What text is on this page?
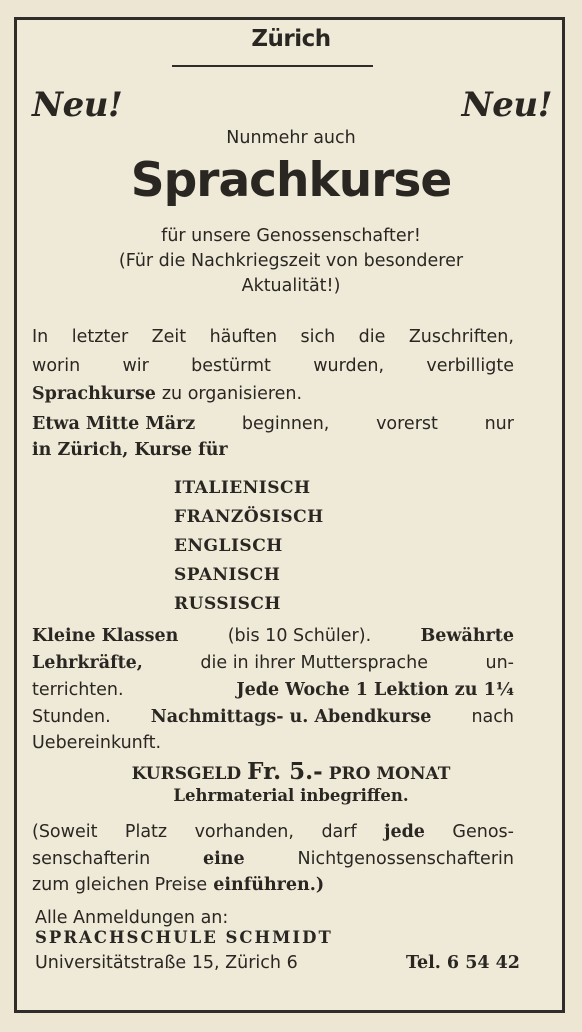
Zürich
Neu!	Neu!
Nunmehr auch
Sprachkurse
für unsere Genossenschafter!
(Für die Nachkriegszeit von besonderer
Aktualität!)
In letzter Zeit häuften sich die Zuschriften,
worin wir bestürmt wurden, verbilligte
Sprachkurse zu organisieren.
Etwa Mitte März	beginnen,	vorerst	nur
in Zürich, Kurse für
ITALIENISCH
FRANZÖSISCH
ENGLISCH
SPANISCH
RUSSISCH
Kleine Klassen	(bis 10 Schüler).	Bewährte
Lehrkräfte,	die in ihrer Muttersprache	un-
terrichten.	Jede Woche 1 Lektion zu 1¼
Stunden. Nachmittags- u. Abendkurse nach
Uebereinkunft.
KURSGELD Fr. 5.- PRO MONAT
Lehrmaterial inbegriffen.
(Soweit Platz vorhanden, darf jede Genos-
senschafterin	eine	Nichtgenossenschafterin
zum gleichen Preise einführen.)
Alle Anmeldungen an:
SPRACHSCHULE SCHMIDT
Universitätstraße 15, Zürich 6	Tel. 6 54 42
